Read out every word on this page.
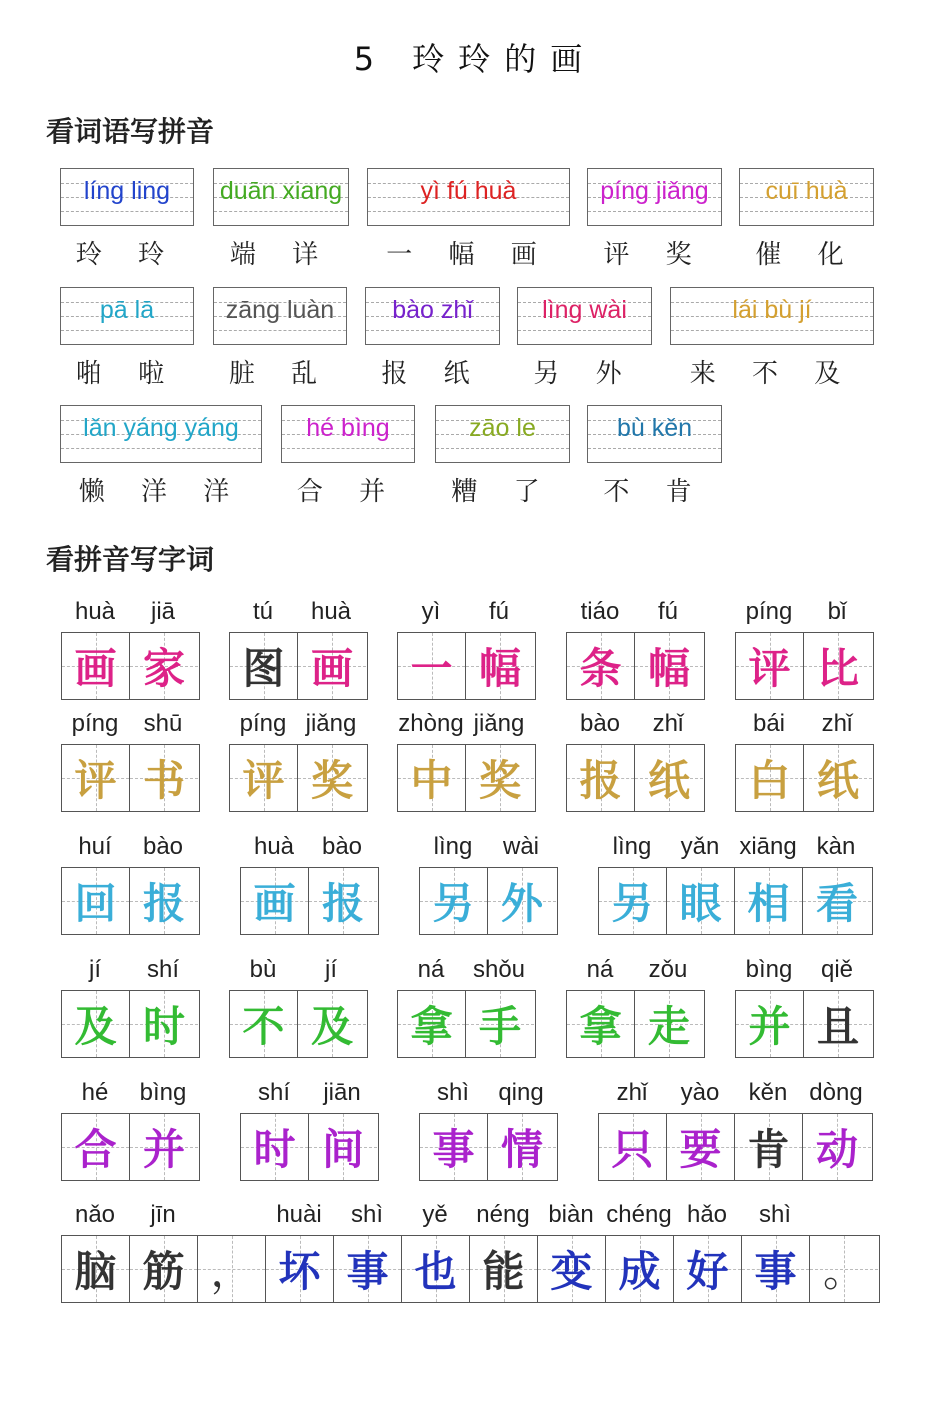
5 玲玲的画
看词语写拼音
看拼音写字词
líng ling
玲 玲
duān xiang
端 详
yì fú huà
一 幅 画
píng jiǎng
评 奖
cuī huà
催 化
pā lā
啪 啦
zāng luàn
脏 乱
bào zhǐ
报 纸
lìng wài
另 外
lái bù jí
来 不 及
lǎn yáng yáng
懒 洋 洋
hé bìng
合 并
zāo le
糟 了
bù kěn
不 肯
huà	jiā
画 家
tú	huà
图 画
yì	fú
一 幅
tiáo	fú
条 幅
píng	bǐ
评 比
píng	shū
评 书
píng jiǎng
评 奖
zhòng jiǎng
中 奖
bào	zhǐ
报 纸
bái	zhǐ
白 纸
huí	bào
回 报
huà	bào
画 报
lìng	wài
另 外
lìng	yǎn xiāng kàn
另 眼 相 看
jí	shí
及 时
bù	jí
不 及
ná	shǒu
拿 手
ná	zǒu
拿 走
bìng	qiě
并 且
hé	bìng
合 并
shí	jiān
时 间
shì	qing
事 情
zhǐ	yào	kěn dòng
只 要 肯 动
nǎo	jīn	huài	shì	yě	néng biàn chéng hǎo	shì
脑 筋 ， 坏 事 也 能 变 成 好 事 。
